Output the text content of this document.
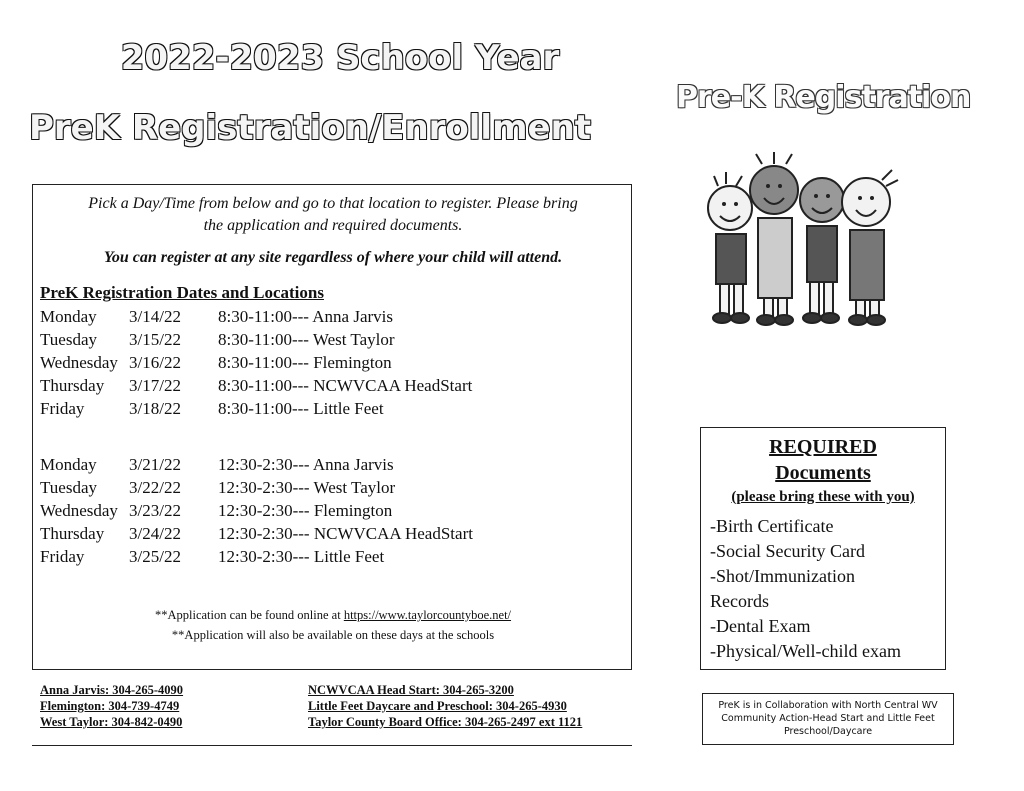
2022-2023 School Year
PreK Registration/Enrollment
Pre-K Registration
Pick a Day/Time from below and go to that location to register. Please bring
the application and required documents.
You can register at any site regardless of where your child will attend.
PreK Registration Dates and Locations
Monday 3/14/22 8:30-11:00--- Anna Jarvis
Tuesday 3/15/22 8:30-11:00--- West Taylor
Wednesday 3/16/22 8:30-11:00--- Flemington
Thursday 3/17/22 8:30-11:00--- NCWVCAA HeadStart
Friday	3/18/22 8:30-11:00--- Little Feet
Monday 3/21/22 12:30-2:30--- Anna Jarvis
Tuesday 3/22/22 12:30-2:30--- West Taylor
Wednesday 3/23/22 12:30-2:30--- Flemington
Thursday 3/24/22 12:30-2:30--- NCWVCAA HeadStart
Friday	3/25/22 12:30-2:30--- Little Feet
**Application can be found online at https://www.taylorcountyboe.net/
**Application will also be available on these days at the schools
Anna Jarvis: 304-265-4090
Flemington: 304-739-4749
West Taylor: 304-842-0490
NCWVCAA Head Start: 304-265-3200
Little Feet Daycare and Preschool: 304-265-4930
Taylor County Board Office: 304-265-2497 ext 1121
REQUIRED
Documents
(please bring these with you)
-Birth Certificate
-Social Security Card
-Shot/Immunization
Records
-Dental Exam
-Physical/Well-child exam
PreK is in Collaboration with North Central WV Community Action-Head Start and Little Feet Preschool/Daycare
